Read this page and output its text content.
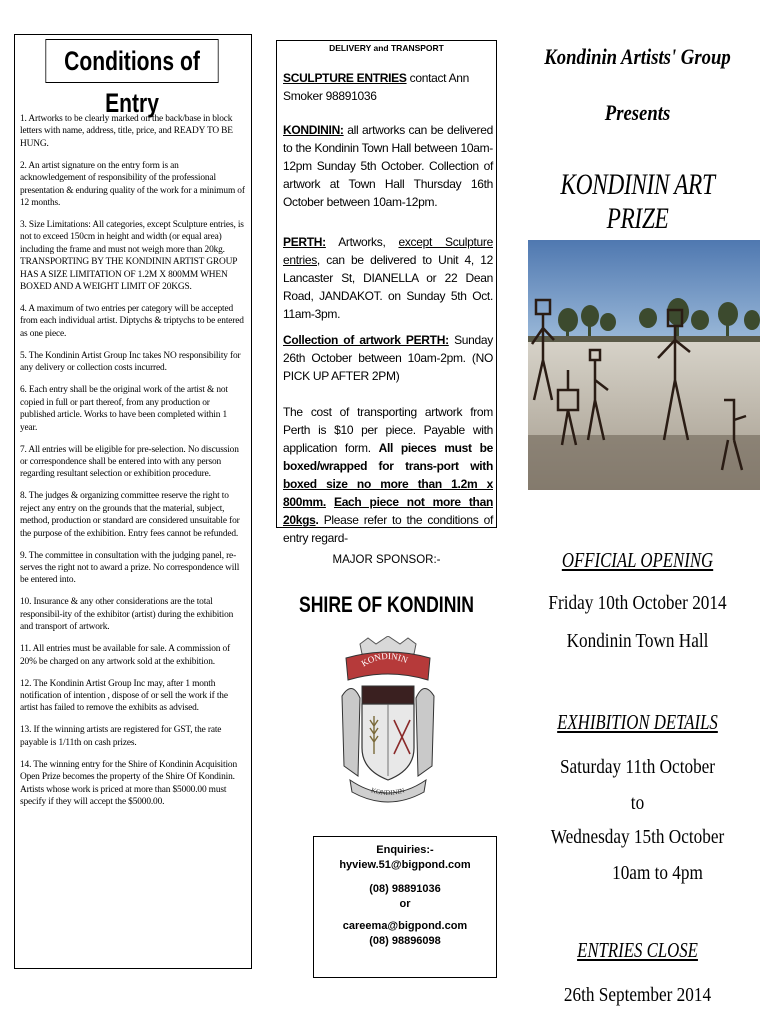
Conditions of Entry

1. Artworks to be clearly marked on the back/base in block letters with name, address, title, price, and READY TO BE HUNG.

2. An artist signature on the entry form is an acknowledgement of responsibility of the professional presentation & enduring quality of the work for a minimum of 12 months.

3. Size Limitations: All categories, except Sculpture entries, is not to exceed 150cm in height and width (or equal area) including the frame and must not weigh more than 20kg. TRANSPORTING BY THE KONDININ ARTIST GROUP HAS A SIZE LIMITATION OF 1.2M X 800MM WHEN BOXED AND A WEIGHT LIMIT OF 20KGS.

4. A maximum of two entries per category will be accepted from each individual artist. Diptychs & triptychs to be entered as one piece.

5. The Kondinin Artist Group Inc takes NO responsibility for any delivery or collection costs incurred.

6. Each entry shall be the original work of the artist & not copied in full or part thereof, from any production or published article. Works to have been completed within 1 year.

7. All entries will be eligible for pre-selection. No discussion or correspondence shall be entered into with any person regarding resultant selection or exhibition procedure.

8. The judges & organizing committee reserve the right to reject any entry on the grounds that the material, subject, method, production or standard are considered unsuitable for the purpose of the exhibition. Entry fees cannot be refunded.

9. The committee in consultation with the judging panel, re-serves the right not to award a prize. No correspondence will be entered into.

10. Insurance & any other considerations are the total responsibil-ity of the exhibitor (artist) during the exhibition and transport of artwork.

11. All entries must be available for sale. A commission of 20% be charged on any artwork sold at the exhibition.

12. The Kondinin Artist Group Inc may, after 1 month notification of intention , dispose of or sell the work if the artist has failed to remove the exhibits as advised.

13. If the winning artists are registered for GST, the rate payable is 1/11th on cash prizes.

14. The winning entry for the Shire of Kondinin Acquisition Open Prize becomes the property of the Shire Of Kondinin. Artists whose work is priced at more than $5000.00 must specify if they will accept the $5000.00.

DELIVERY and TRANSPORT
SCULPTURE ENTRIES contact Ann Smoker 98891036
KONDININ: all artworks can be delivered to the Kondinin Town Hall between 10am-12pm Sunday 5th October. Collection of artwork at Town Hall Thursday 16th October between 10am-12pm.
PERTH: Artworks, except Sculpture entries, can be delivered to Unit 4, 12 Lancaster St, DIANELLA or 22 Dean Road, JANDAKOT. on Sunday 5th Oct. 11am-3pm.
Collection of artwork PERTH: Sunday 26th October between 10am-2pm. (NO PICK UP AFTER 2PM)
The cost of transporting artwork from Perth is $10 per piece. Payable with application form. All pieces must be boxed/wrapped for trans-port with boxed size no more than 1.2m x 800mm. Each piece not more than 20kgs. Please refer to the conditions of entry regard-
MAJOR SPONSOR:-
SHIRE OF KONDININ
KONDININ
KONDININ
Enquiries:-
hyview.51@bigpond.com
(08) 98891036
or
careema@bigpond.com
(08) 98896098
Kondinin Artists' Group
Presents
KONDININ ART PRIZE
OFFICIAL OPENING
Friday 10th October 2014
Kondinin Town Hall
EXHIBITION DETAILS
Saturday 11th October
to
Wednesday 15th October
10am to 4pm
ENTRIES CLOSE
26th September 2014
